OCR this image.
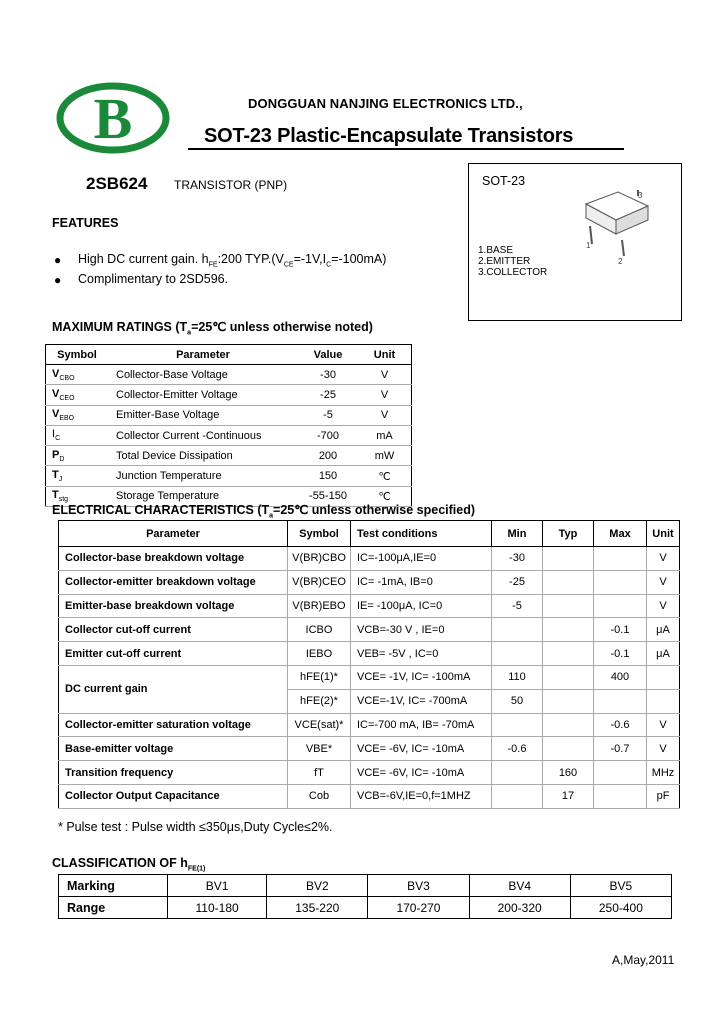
B	DONGGUAN NANJING ELECTRONICS LTD.,
SOT-23 Plastic-Encapsulate Transistors
2SB624 TRANSISTOR (PNP)
FEATURES
● High DC current gain. $h_{FE}:200$ $TYP.(V_{CE}=-1V,I_C=-100mA)$
● Complimentary to 2SD596.
SOT-23
3
1
2
1.BASE
2.EMITTER
3.COLLECTOR
MAXIMUM RATINGS ($T_a=25℃$ unless otherwise noted)
Symbol	Parameter	Value	Unit
$V_{CBO}$	Collector-Base Voltage	-30	V
$V_{CEO}$	Collector-Emitter Voltage	-25	V
$V_{EBO}$	Emitter-Base Voltage	-5	V
$I_C$	Collector Current -Continuous	-700	mA
$P_D$	Total Device Dissipation	200	mW
$T_J$	Junction Temperature	150	℃
$T_{stg}$	Storage Temperature	-55-150	℃
ELECTRICAL CHARACTERISTICS ($T_a=25℃$ unless otherwise specified)
Parameter	Symbol	Test conditions	Min	Typ	Max	Unit
Collector-base breakdown voltage	V(BR)CBO	IC=-100μA,IE=0	-30			V
Collector-emitter breakdown voltage	V(BR)CEO	IC= -1mA, IB=0	-25			V
Emitter-base breakdown voltage	V(BR)EBO	IE= -100μA, IC=0	-5			V
Collector cut-off current	ICBO	VCB=-30 V , IE=0			-0.1	μA
Emitter cut-off current	IEBO	VEB= -5V , IC=0			-0.1	μA
DC current gain	hFE(1)*	VCE= -1V, IC= -100mA	110		400	
	hFE(2)*	VCE=-1V, IC= -700mA	50			
Collector-emitter saturation voltage	VCE(sat)*	IC=-700 mA, IB= -70mA			-0.6	V
Base-emitter voltage	VBE*	VCE= -6V, IC= -10mA	-0.6		-0.7	V
Transition frequency	fT	VCE= -6V, IC= -10mA		160		MHz
Collector Output Capacitance	Cob	VCB=-6V,IE=0,f=1MHZ		17		pF
* Pulse test : Pulse width ≤350μs,Duty Cycle≤2%.
CLASSIFICATION OF $h_{FE(1)}$
Marking	BV1	BV2	BV3	BV4	BV5
Range	110-180	135-220	170-270	200-320	250-400
A,May,2011
